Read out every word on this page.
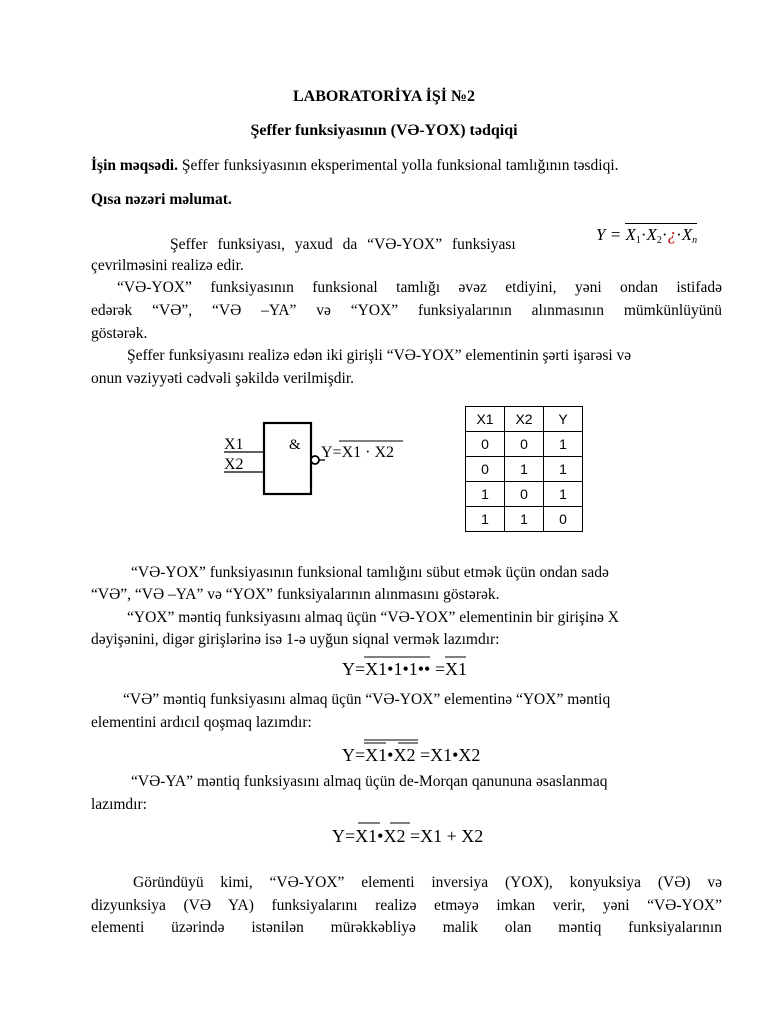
LABORATORİYA İŞİ №2
Şeffer funksiyasının (VƏ-YOX) tədqiqi
İşin məqsədi. Şeffer funksiyasının eksperimental yolla funksional tamlığının təsdiqi.
Qısa nəzəri məlumat.
Şeffer funksiyası, yaxud da “VƏ-YOX” funksiyası
$Y = X_1\cdot X_2\cdot¿\cdot X_n$
çevrilməsini realizə edir.
“VƏ-YOX” funksiyasının funksional tamlığı əvəz etdiyini, yəni ondan istifadə
edərək “VƏ”, “VƏ –YA” və “YOX” funksiyalarının alınmasının mümkünlüyünü
göstərək.
Şeffer funksiyasını realizə edən iki girişli “VƏ-YOX” elementinin şərti işarəsi və
onun vəziyyəti cədvəli şəkildə verilmişdir.
X1
X2
& Y=X1 · X2
X1	X2	Y
0	0	1
0	1	1
1	0	1
1	1	0
“VƏ-YOX” funksiyasının funksional tamlığını sübut etmək üçün ondan sadə
“VƏ”, “VƏ –YA” və “YOX” funksiyalarının alınmasını göstərək.
“YOX” məntiq funksiyasını almaq üçün “VƏ-YOX” elementinin bir girişinə X
dəyişənini, digər girişlərinə isə 1-ə uyğun siqnal vermək lazımdır:
Y=X1•1•1•• =X1
“VƏ” məntiq funksiyasını almaq üçün “VƏ-YOX” elementinə “YOX” məntiq
elementini ardıcıl qoşmaq lazımdır:
Y=X1•X2 =X1•X2
“VƏ-YA” məntiq funksiyasını almaq üçün de-Morqan qanununa əsaslanmaq
lazımdır:
Y=X1•X2 =X1 + X2
Göründüyü kimi, “VƏ-YOX” elementi inversiya (YOX), konyuksiya (VƏ) və
dizyunksiya (VƏ YA) funksiyalarını realizə etməyə imkan verir, yəni “VƏ-YOX”
elementi üzərində istənilən mürəkkəbliyə malik olan məntiq funksiyalarının
